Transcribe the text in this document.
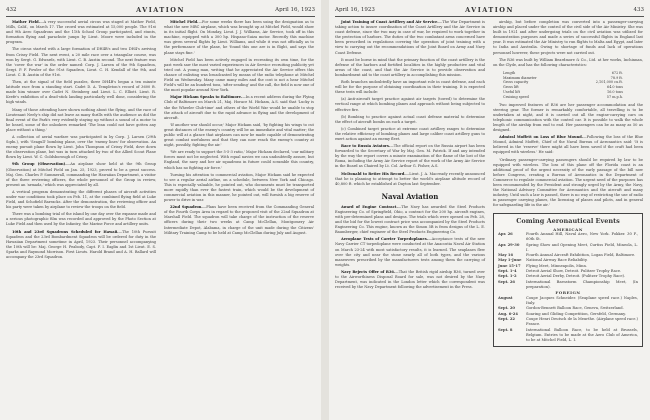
432	AVIATION	April 16, 1923

Mather Field.—A very successful aerial circus was staged at Mather Field, Mills, Calif., on March 17. The crowd was estimated at 15,000 people. The 91st and 9th Aero Squadrons and the 11th School Group participated, and stunts, formation flying and parachute jumps by Lieut. Moore were included in the program.

The circus started with a large formation of DH4B's and two DH4's arriving from Crissy Field. The next event, a 20 mile race over a triangular course, was won by Sergt. G. Edwards, with Lieut. C. B. Austin second. The next feature was the 'cover the war' in the order named: Corp. J. Larsen of the 9th Squadron, Sergt. P. F. Fowler of the 91st Squadron, Lieut. C. H. Kendall of the 9th, and Lieut. C. B. Austin of the 91st.

Then, at the signal of the field puzzles, three DH4B's began a ten minute latitude race from a standing start. Cadet D. A. Templeton's record of 3600 ft. made him winner over Cadet N. Steinberg and Lieut. L. C. Elliott. Lieut. R. Keefe's exhibition of a dead-stick landing particularly well done, considering the high winds.

Many of those attending have shown nothing about the flying, and the race of Lieutenant Neely's ship did not leave as many thrills with the audience as did the final event of the Park's very evidently staying up without a sound of a motor to be heard, some of the onlookers remarked 'The lean could not have gotten any place without a thing.'

A collection of aerial warfare was participated in by Corp. J. Larsen (29th Sqdn.), with 'Seagull' bombing plane, over the 'enemy lines' for observation. An enemy pursuit plane flown by Lieut. John Thompson of Crissy Field, dove down the observation plane, but was in turn attacked by two of the Allied Scout Plane flown by Lieut. W. C. Goldsborough of Crissy.

9th Group (Observation).—An airplane show held at the 9th Group (Observation) at Mitchel Field on Jan. 25, 1923, proved to be a great success. Maj. Gen. Charles P. Summerall, commanding the Hawaiian Department, a visitor of the three reviewing officers, the whole personnel of the Group in review, present an 'armada,' which was appreciated by all.

A vertical program demonstrating the different phases of aircraft activities under war conditions took place on Feb. 11, at the combined flying field at Luke Field, and Schofield Barracks. After the demonstration, the reviewing officer and his party were taken by airplane to review the troops on the field.

There was a bombing trial of the island by one day over the expanse made and a serious photographic film was recorded and approved by the Photo Section at Luke Field and then used by the Infantry, the Marine Force and artillery units.

10th and 23rd Squadrons Scheduled for Hawaii.—The 10th Pursuit Squadron and the 23rd Bombardment Squadron will be ordered for duty in the Hawaiian Department sometime in April, 1923. Their personnel accompanying the 10th will be: Maj. George H. Peabody, Capt. F. I. Eaglin and 1st Lieut. E. S. Sparks and Raymond Morrison. First Lieuts. Harold Brand and A. H. Ballard will accompany the 23rd Squadron.

Mitchel Field.—For some weeks there has been using the designation as to what the new MBC airplane, which was brought up at Mitchel Field, would show in its initial flight. On Monday, Lieut. J. J. Williams, Air Service, took off in this machine, equipped with a 300 hp. Hispano-Suiza motor. Recently this machine was given several flights by Lieut. Williams, and while it was not officially as to the performance of the plane, he 'found this one are is in flight, and says the plane stays fine.'

Mitchel Field has been actively engaged in recreating its own time, for the past week saw the most varied experiences in Air Service recruiting publicity yet tried out. A young man, writing that he appreciated the Air Service offers this chance of enlisting was broadcasted by means of the radio telephone at Mitchel Field on Wednesday. Many came many miles and the cost is not a hear Mitchel Field's will be an hundred tons, 'after sending' and the call, the field is now one of the most popular around New York.

Major Hickam Speaks to Baltimore.—In a recent address during the Flying Club of Baltimore on March 21, Maj. Horace M. Hickam, A.S. said that 'Lucky is she the Wheeler Club-time' and others of the World War would be unable to stop the attack of aircraft due to the rapid advance in flying and the development of aircraft.

'If another war should occur,' Major Hickam said, 'by fighting his wings to cut great distances of the enemy's country will be an immediate and vital matter; the public will at a glance that airplanes can now be made capable of demonstrating great combat usefulness and that they can now reach the enemy's country at night, possibly, fighting the air.'

'We are ready to support the 5-5-3 ratio,' Major Hickam declared, 'our military forces must not be neglected. With equal navies we can undoubtedly assure, but England, the navy and her air squadrons in future could scramble this country, which has no fighting air force.'

Turning his attention to commercial aviation, Major Hickam said he expected to see a regular aerial airline, on a schedule, between New York and Chicago. This is especially valuable, he pointed out, who documents must be transported more rapidly than ever the fastest train, which would be the development of commercial aviation in this manner, he pointed out, will furnish a big reserve of power to drive in war.

22nd Squadron.—Plans have been received from the Commanding General of the Fourth Corps Area in regard to the proposed visit of the 22nd Squadron at Marshall Field. The squadron will take charge of the instruction of the reserve officers during their two weeks at Camp McClellan, Montgomery Air Intermediate Depot, Alabama, in charge of the unit made during the Citizens' Military Training Camp to be held at Camp McClellan during July and August.

April 16, 1923	AVIATION	433

Joint Training of Coast Artillery and Air Service.—The War Department is taking action to insure coordination of the Coast Artillery and the Air Service in coast defense, since the two may in case of war, be required to work together in the protection of harbors. The duties of the two combatant arms concerned have been prescribed in regulations covering the operation of joint training with a view to carrying out the recommendations of the Joint Board on Army and Navy Coast Defense.

It must be borne in mind that the primary function of the coast artillery is the defense of the harbors and fortified localities in the highly productive and vital areas of the coast, and that the Air Service is to provide observation and bombardment aid to the coast artillery in accomplishing this mission.

Both branches undoubtedly have an important role in coast defense, and each will be for the purpose of obtaining coordination in their training. It is expected these tests will include:

(a) Anti-aircraft target practice against air targets (towed) to determine the vertical range at which bombing planes and approach without being subjected to effective fire.

(b) Bombing to practice against actual coast defense material to determine the effect of aircraft bombs on such a target.

(c) Combined target practice at extreme coast artillery ranges to determine the relative efficiency of bombing planes and large caliber coast artillery guns to exert action against an enemy fleet.

Race to Russia Aviators.—The official report on the Russia airport has been forwarded to the Secretary of War by Maj. Gen. M. Patrick. If and any intended by the way the report covers a minute examination of the flame of the lost of the Roma, including the Army Air Service report of the work of the Army Air Service in the Board as Chaired by Lt. Col. Arthur G. Fisher, A.S.

McDonald to Retire His Record.—Lieut. J. A. Macready recently announced that he is planning to attempt to better the world's airplane altitude record of 40,800 ft. which he established at Dayton last September.

Naval Aviation

Award of Engine Contract.—The Navy has awarded the Steel Products Engineering Co. of Springfield, Ohio, a contract for the 200 hp. aircraft engines, with pre-determined plans and designs. The trials which were opened on Feb. 28, and the bid for the lowest contract price was accompanied by the Steel Products Engineering Co. This engine, known as the Simon 5B is from designs of the L. E. Baumberger, chief engineer of the Steel Products Engineering Co.

Aeroplane Tests of Carrier Torpedoplanes.—Acceptance tests of the new Navy Carrier CT torpedoplane were conducted at the Anacostia Naval Air Station on March 23-24 with most satisfactory results, it is learned. The seaplanes flew over the city and near the stone nearly all of both types, and the various maneuvres prescribed by the manufacturers tests among them the carrying of weights.

Navy Rejects Offer of R36.—That the British rigid airship R36, turned over to the Airworthiness Disposal Board for sale, was not desired by the Navy Department, was indicated in the London letter which the correspondent was received by the Navy Department following the advertisement in the Press.

airship, but before completion was converted into a passenger-carrying airship and placed under the control of the civil side of the Air Ministry. She was built in 1921 and after undergoing trials on the civil aviation was utilized for demonstration purposes and made a series of successful flights in England last year. It was estimated the Air Ministry to run flights to Malta and Egypt, and later to India and Australia. Owing to shortage of funds and lack of operations personnel however, these projects were not carried out.

The R36 was built by William Beardmore & Co., Ltd. at her works, Inchinnan, on the Clyde, and has the following characteristics:

Length	672 ft.
Maximum diameter	78.9 ft.
Gross capacity	2,101,000 cu.ft.
Gross lift	64.0 tons
Useful lift	16.0 tons
Cruising speed	57 m.p.h.

Two improved features of R36 are her passenger accommodation and the steering gear. The former is remarkably comfortable, all travelling is to be undertaken at night, and it is carried out all the engine-carrying cars on telephonic communication with the control car. It is possible to walk the whole length of the airship from end to end. Her passengers can be as many as 50 as designed.

Admiral Moffett on Loss of Blue Mound.—Following the loss of the Blue Mound, Admiral Moffett, Chief of the Naval Bureau of Aeronautics said: 'It is believed in the 'reserve' there might all have been saved if the craft had been equipped with wireless.' He said:

'Ordinary passenger-carrying passengers should be required by law to be equipped with wireless. The loss of this plane off the Florida coast is an additional proof of the urgent necessity of the early passage of the bill now before Congress, creating a Bureau of Aeronautics in the Department of Commerce to regulate commercial aviation. The urgent need of the purposes has been recommended by the President and strongly urged by the Army, the Navy, the National Advisory Committee for Aeronautics and the aircraft and many industry. Until such a law is passed, there is no way of restricting the use of radio in passenger carrying planes, the licensing of planes and pilots, and in general for safeguarding life in the air.'

Coming Aeronautical Events
AMERICAN
Apr. 26	Fourth Annual Hill, Naval Aero, New York. Fokker. 30 F., 60th St.
Apr. 29-30	Spring Show and Opening Meet, Curtiss Field, Mineola, L. I.
May 16	Fourth Annual Aircraft Exhibition, Logan Field, Baltimore.
May 1-June	National Airway Race Reliability.
June 15-17	Flying Meet, Minneapolis, Minn.
Sept. 1-4	Detroit Aerial Show, Detroit. Pulitzer Trophy Race.
Sept. 1-2	Detroit Aerial Derby, Detroit. (Pulitzer Trophy Race).
Sept. 26	International Barnstorm Championship Meet, (In preparation).
FOREIGN
August	Coupe Jacques Schneider. (Seaplane speed race.) Naples, Italy.
Sept. 20	Gordon-Bennett Balloon Race, Geneva, Switzerland.
Aug. 6-24	Soaring and Gliding Competition, Gersfeld, Germany.
Sept. 22	Coupe Henri Deutsch de la Meurthe. (Airplane speed race.) France.
Sept. 8	International Balloon Race, to be held at Brussels, Belgium. Entries to be made at the Aero Club of America, to be at Mitchel Field, L. I.
